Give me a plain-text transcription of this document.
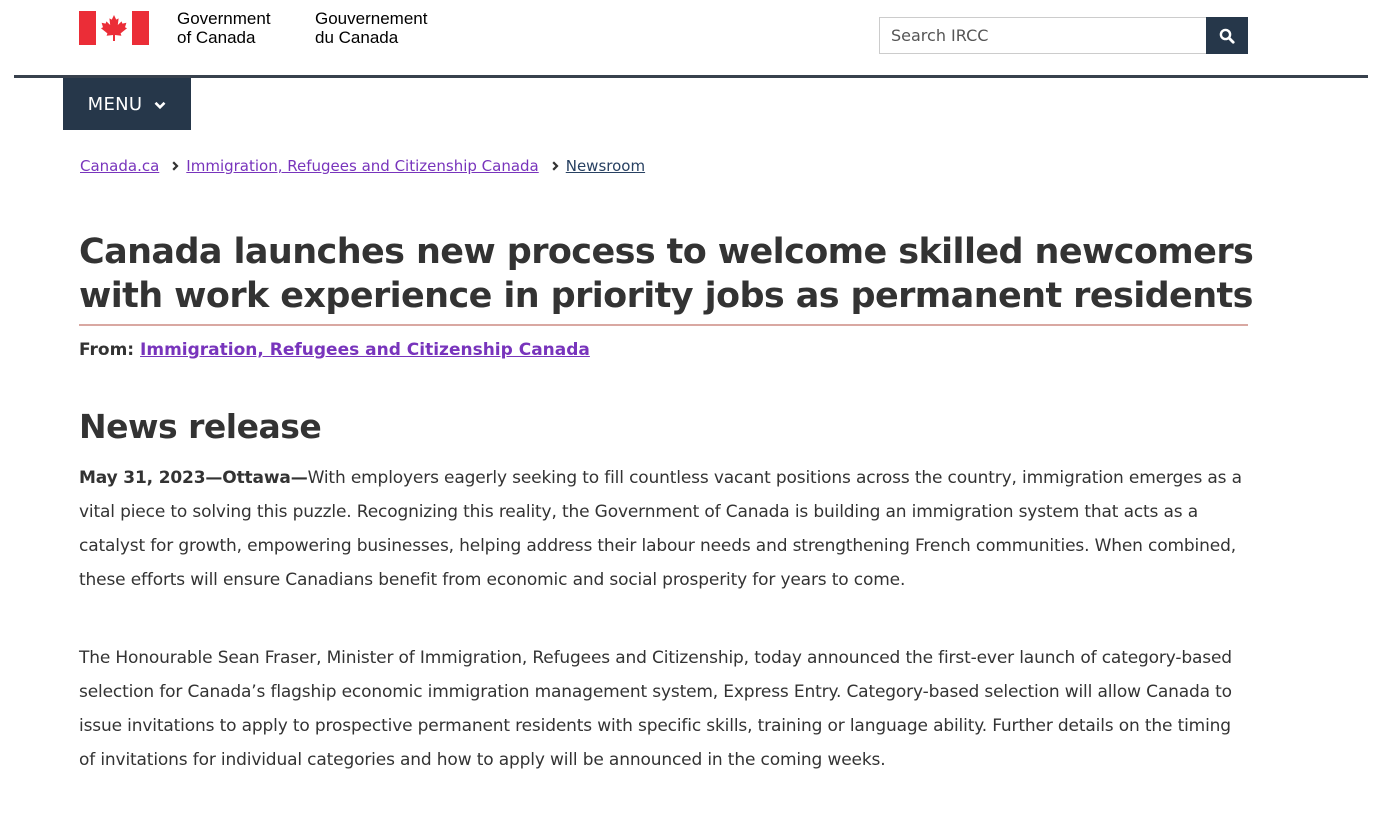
Government
of Canada
Gouvernement
du Canada
Search IRCC
MENU
Canada.ca Immigration, Refugees and Citizenship Canada Newsroom
Canada launches new process to welcome skilled newcomers with work experience in priority jobs as permanent residents
From: Immigration, Refugees and Citizenship Canada
News release

May 31, 2023—Ottawa—With employers eagerly seeking to fill countless vacant positions across the country, immigration emerges as a vital piece to solving this puzzle. Recognizing this reality, the Government of Canada is building an immigration system that acts as a catalyst for growth, empowering businesses, helping address their labour needs and strengthening French communities. When combined, these efforts will ensure Canadians benefit from economic and social prosperity for years to come.

The Honourable Sean Fraser, Minister of Immigration, Refugees and Citizenship, today announced the first-ever launch of category-based selection for Canada’s flagship economic immigration management system, Express Entry. Category-based selection will allow Canada to issue invitations to apply to prospective permanent residents with specific skills, training or language ability. Further details on the timing of invitations for individual categories and how to apply will be announced in the coming weeks.
